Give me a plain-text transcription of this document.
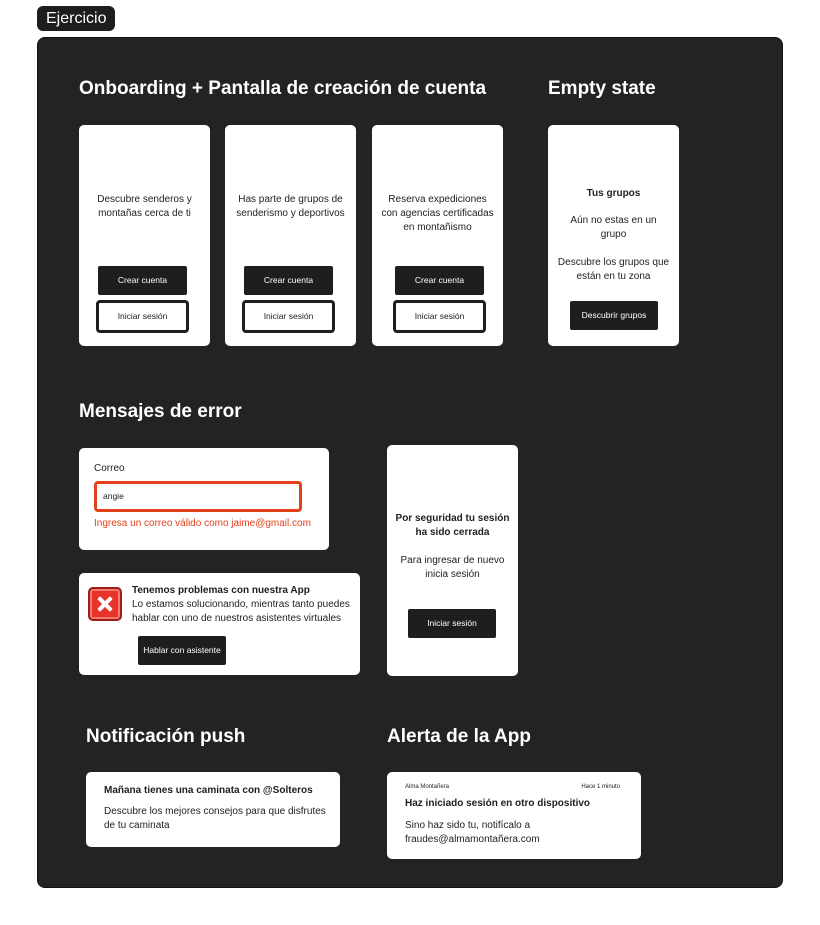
Ejercicio
Onboarding + Pantalla de creación de cuenta	Empty state
Mensajes de error
Notificación push	Alerta de la App
Descubre senderos y montañas cerca de ti
Crear cuenta
Iniciar sesión
Has parte de grupos de senderismo y deportivos
Crear cuenta
Iniciar sesión
Reserva expediciones con agencias certificadas en montañismo
Crear cuenta
Iniciar sesión
Tus grupos
Aún no estas en un grupo
Descubre los grupos que están en tu zona
Descubrir grupos
Correo
angie
Ingresa un correo válido como jaime@gmail.com
Tenemos problemas con nuestra App
Lo estamos solucionando, mientras tanto puedes hablar con uno de nuestros asistentes virtuales
Hablar con asistente
Por seguridad tu sesión ha sido cerrada
Para ingresar de nuevo inicia sesión
Iniciar sesión
Mañana tienes una caminata con @Solteros
Descubre los mejores consejos para que disfrutes de tu caminata
Alma Montañera	Hace 1 minuto
Haz iniciado sesión en otro dispositivo
Sino haz sido tu, notifícalo a fraudes@almamontañera.com
